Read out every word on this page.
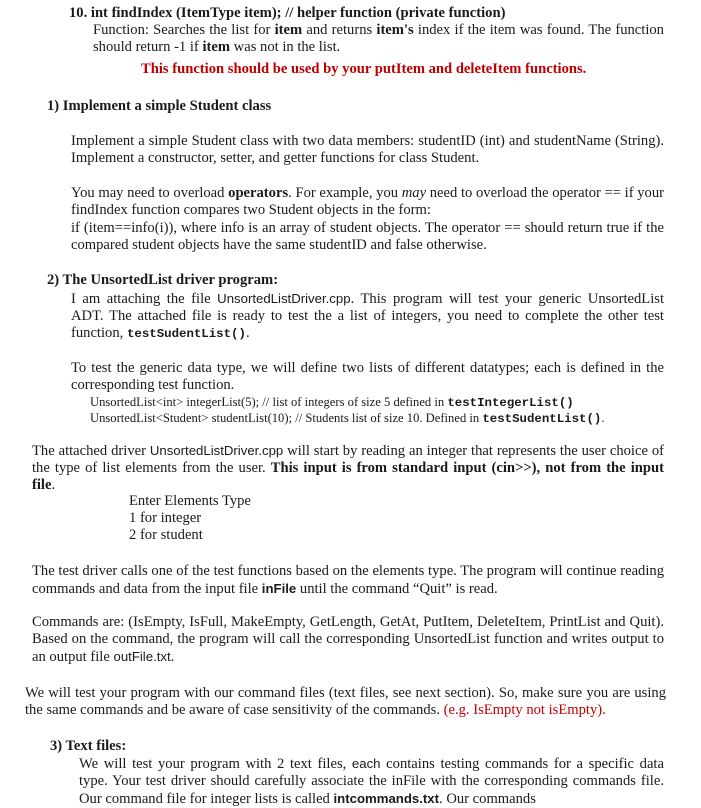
10. int findIndex (ItemType item); // helper function (private function)
Function: Searches the list for item and returns item's index if the item was found. The function should return -1 if item was not in the list.
This function should be used by your putItem and deleteItem functions.
1) Implement a simple Student class
Implement a simple Student class with two data members: studentID (int) and studentName (String). Implement a constructor, setter, and getter functions for class Student.
You may need to overload operators. For example, you may need to overload the operator == if your findIndex function compares two Student objects in the form:
if (item==info(i)), where info is an array of student objects. The operator == should return true if the compared student objects have the same studentID and false otherwise.
2) The UnsortedList driver program:
I am attaching the file UnsortedListDriver.cpp. This program will test your generic UnsortedList ADT. The attached file is ready to test the a list of integers, you need to complete the other test function, testSudentList().
To test the generic data type, we will define two lists of different datatypes; each is defined in the corresponding test function.
UnsortedList<int> integerList(5); // list of integers of size 5 defined in testIntegerList()
UnsortedList<Student> studentList(10); // Students list of size 10. Defined in testSudentList().
The attached driver UnsortedListDriver.cpp will start by reading an integer that represents the user choice of the type of list elements from the user. This input is from standard input (cin>>), not from the input file.

Enter Elements Type

1 for integer

2 for student

The test driver calls one of the test functions based on the elements type. The program will continue reading commands and data from the input file inFile until the command “Quit” is read.
Commands are: (IsEmpty, IsFull, MakeEmpty, GetLength, GetAt, PutItem, DeleteItem, PrintList and Quit). Based on the command, the program will call the corresponding UnsortedList function and writes output to an output file outFile.txt.
We will test your program with our command files (text files, see next section). So, make sure you are using the same commands and be aware of case sensitivity of the commands. (e.g. IsEmpty not isEmpty).
3) Text files:
We will test your program with 2 text files, each contains testing commands for a specific data type. Your test driver should carefully associate the inFile with the corresponding commands file. Our command file for integer lists is called intcommands.txt. Our commands
